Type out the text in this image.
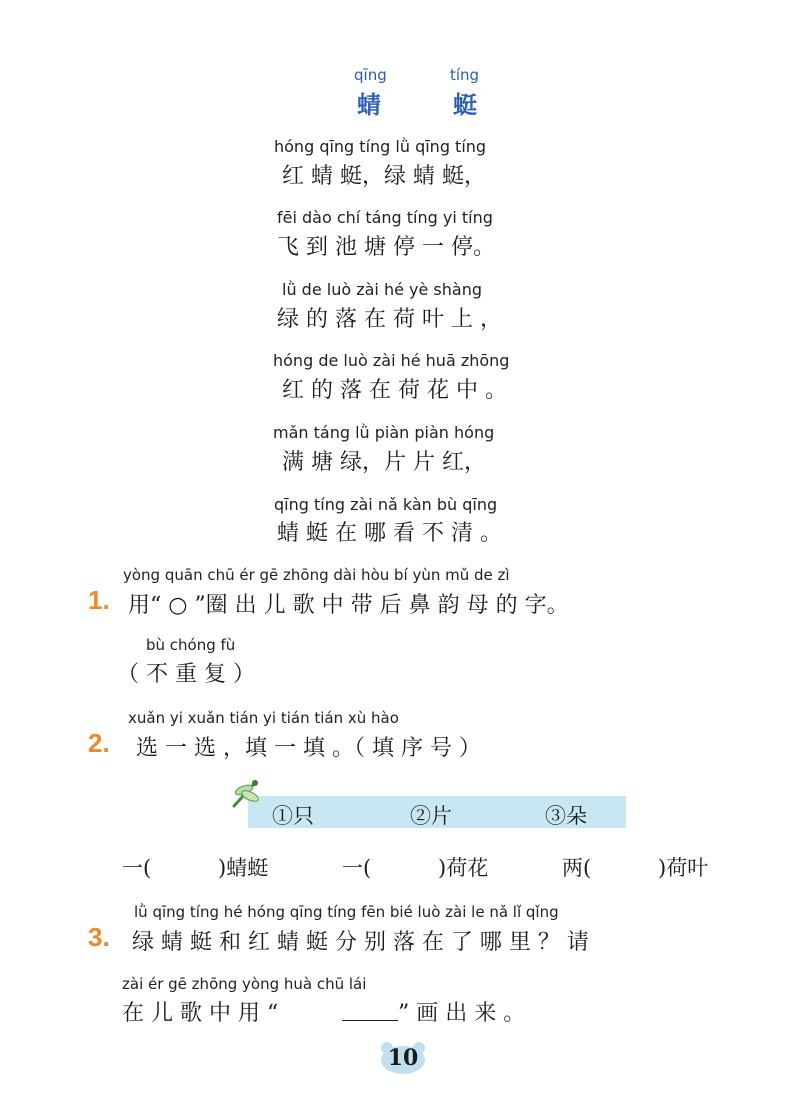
qīng	tíng
蜻	蜓
hóng qīng tíng lǜ qīng tíng
红 蜻 蜓，绿 蜻 蜓，
fēi dào chí táng tíng yi tíng
飞 到 池 塘 停 一 停。
lǜ de luò zài hé yè shàng
绿 的 落 在 荷 叶 上 ，
hóng de luò zài hé huā zhōng
红 的 落 在 荷 花 中 。
mǎn táng lǜ piàn piàn hóng
满 塘 绿，片 片 红，
qīng tíng zài nǎ kàn bù qīng
蜻 蜓 在 哪 看 不 清 。
yòng quān chū ér gē zhōng dài hòu bí yùn mǔ de zì
1. 用“ ○ ”圈 出 儿 歌 中 带 后 鼻 韵 母 的 字。
bù chóng fù
（ 不 重 复 ）
xuǎn yi xuǎn tián yi tián tián xù hào
2. 选 一 选 ，填 一 填 。（ 填 序 号 ）
①只	②片	③朵
一(	)蜻蜓	一(	)荷花	两(	)荷叶
lǜ qīng tíng hé hóng qīng tíng fēn bié luò zài le nǎ lǐ qǐng
3. 绿 蜻 蜓 和 红 蜻 蜓 分 别 落 在 了 哪 里 ？ 请
zài ér gē zhōng yòng huà chū lái
在 儿 歌 中 用 “	” 画 出 来 。
10
